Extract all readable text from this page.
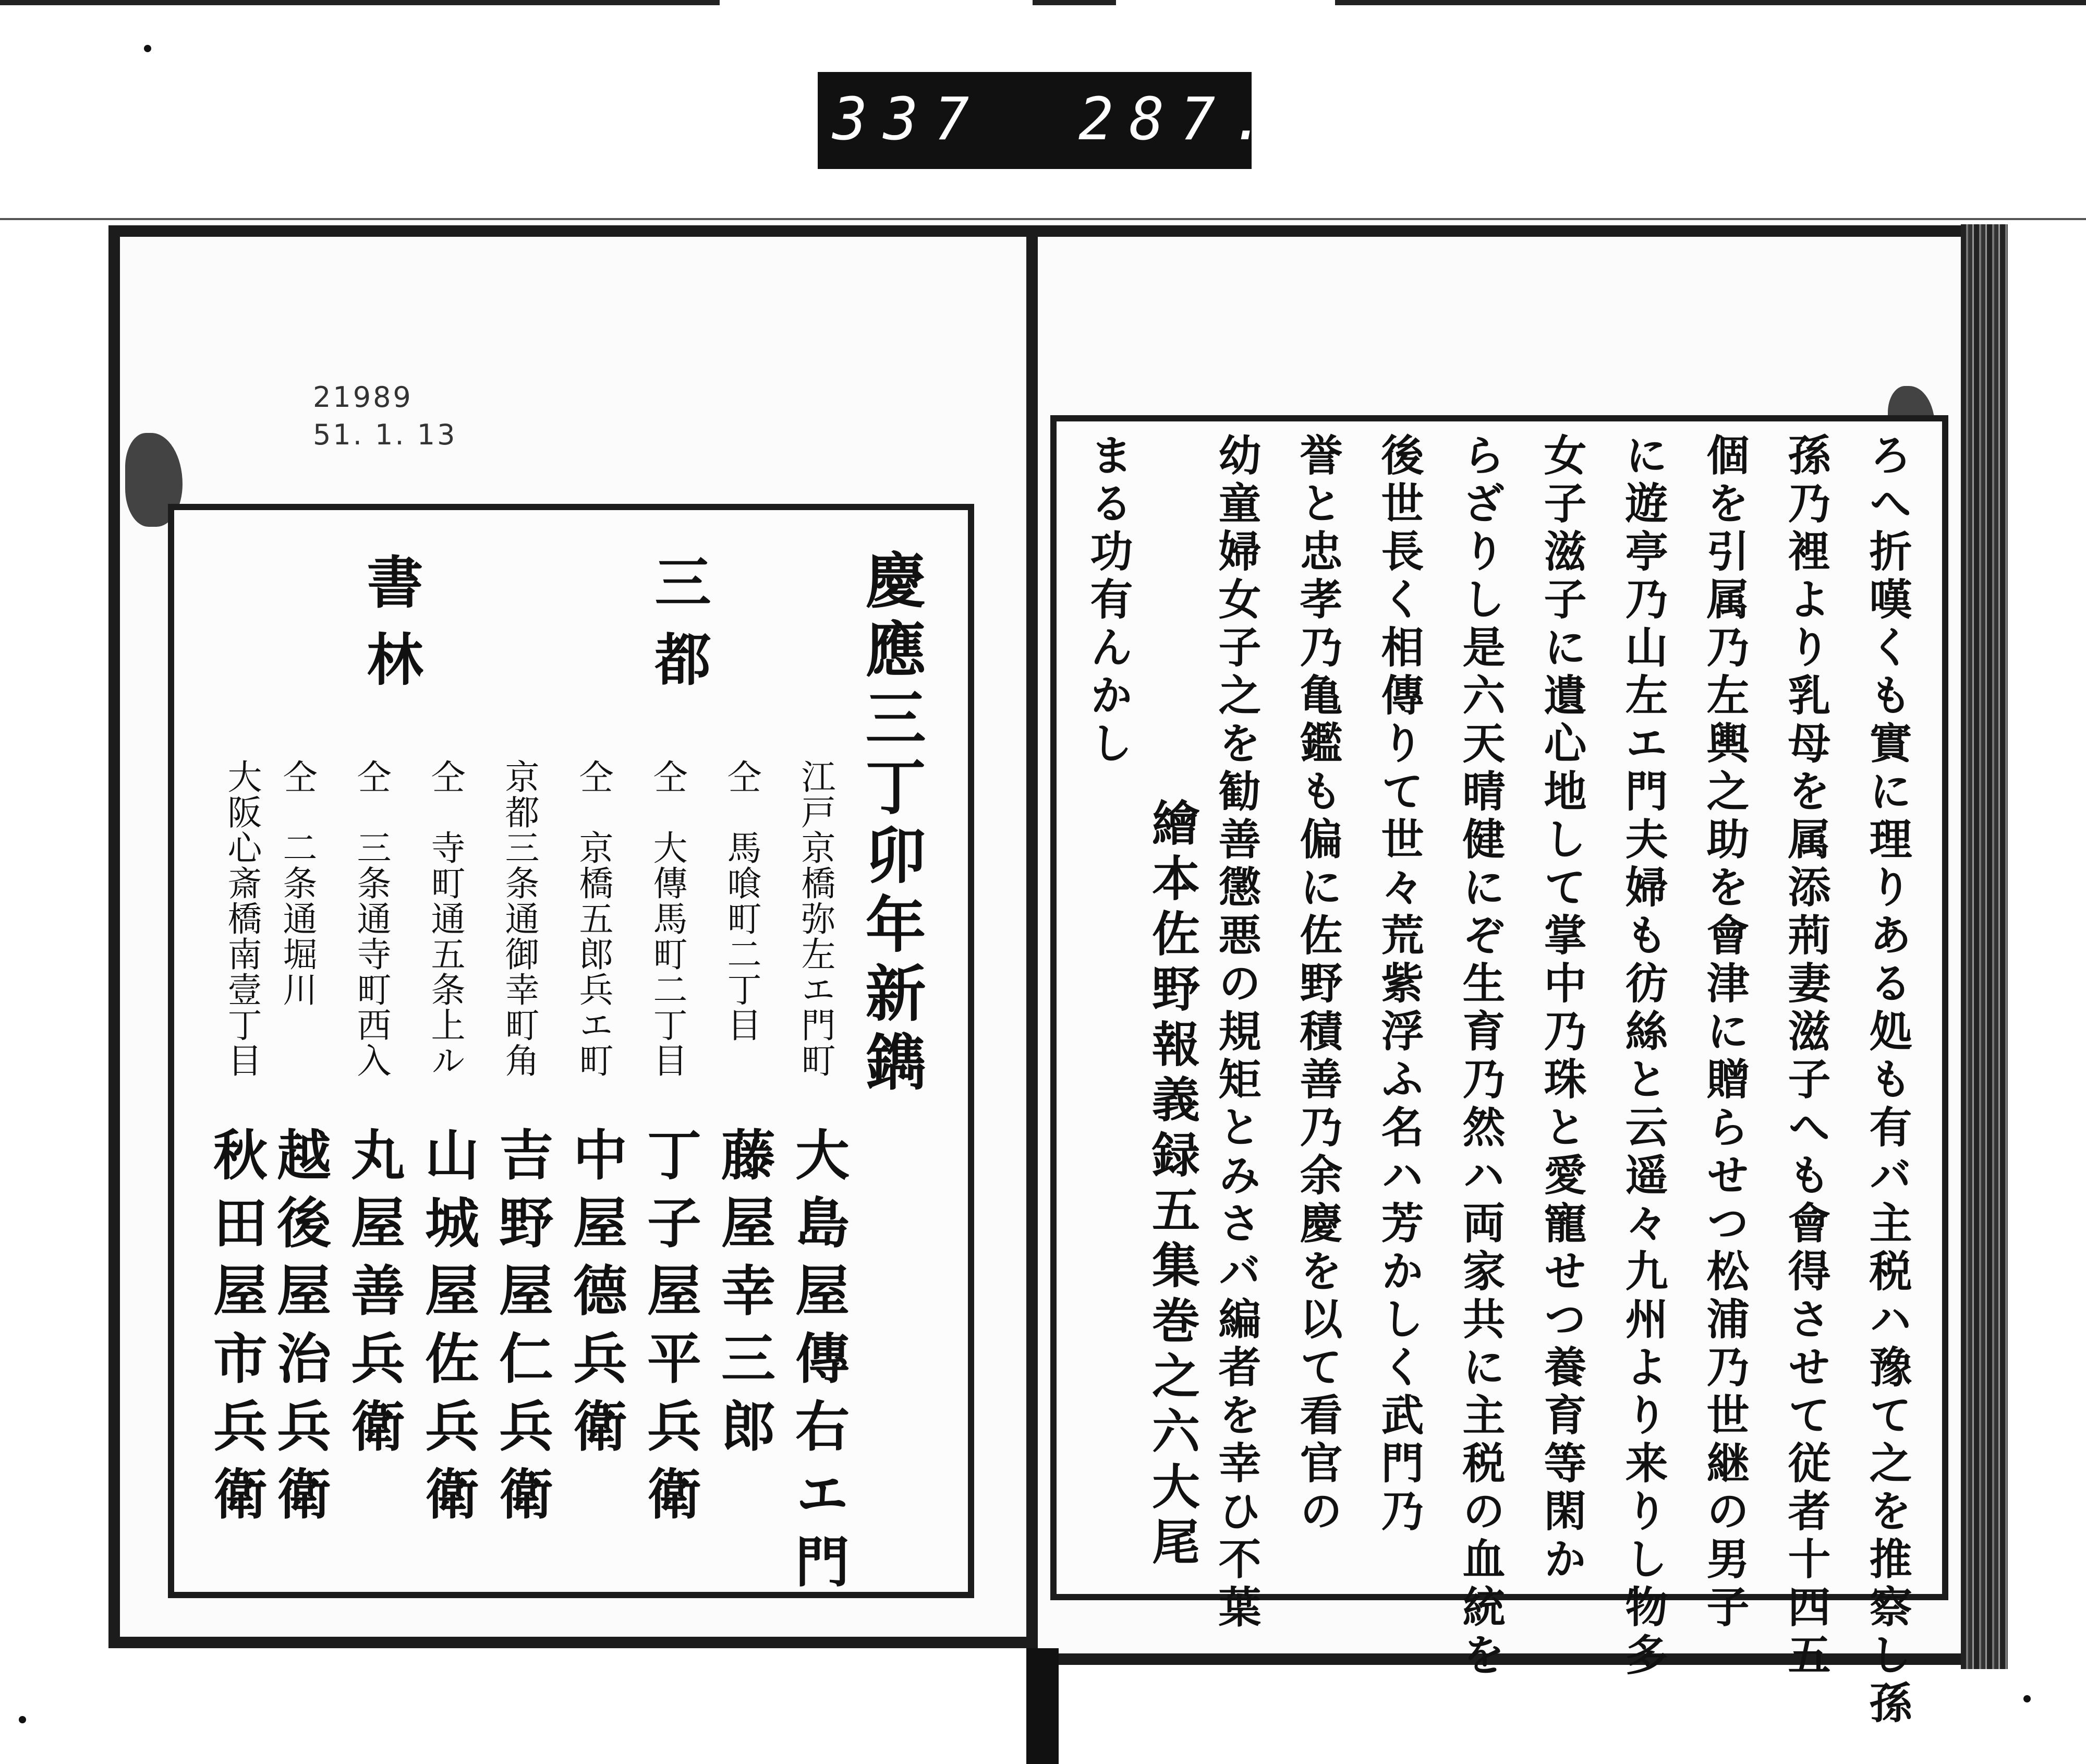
337 287.
21989
51. 1. 13
慶應三丁卯年新鐫
三都
書林
江戸京橋弥左エ門町
仝　馬喰町二丁目
仝　大傳馬町二丁目
仝　京橋五郎兵エ町
京都三条通御幸町角
仝　寺町通五条上ル
仝　三条通寺町西入
仝　二条通堀川
大阪心斎橋南壹丁目
大島屋傳右エ門
藤屋幸三郎
丁子屋平兵衛
中屋德兵衛
吉野屋仁兵衛
山城屋佐兵衛
丸屋善兵衛
越後屋治兵衛
秋田屋市兵衛	ろへ折嘆くも實に理りある処も有バ主税ハ豫て之を推察し孫
孫乃裡より乳母を属添荊妻滋子へも會得させて従者十四五
個を引属乃左輿之助を會津に贈らせつ松浦乃世継の男子
に遊亭乃山左エ門夫婦も彷絲と云遥々九州より来りし物多
女子滋子に遺心地して掌中乃珠と愛寵せつ養育等閑か
らざりし是六天晴健にぞ生育乃然ハ両家共に主税の血統を
後世長く相傳りて世々荒紫浮ふ名ハ芳かしく武門乃
誉と忠孝乃亀鑑も偏に佐野積善乃余慶を以て看官の
幼童婦女子之を勧善懲悪の規矩とみさバ編者を幸ひ不葉
まる功有んかし
繪本佐野報義録五集巻之六大尾
